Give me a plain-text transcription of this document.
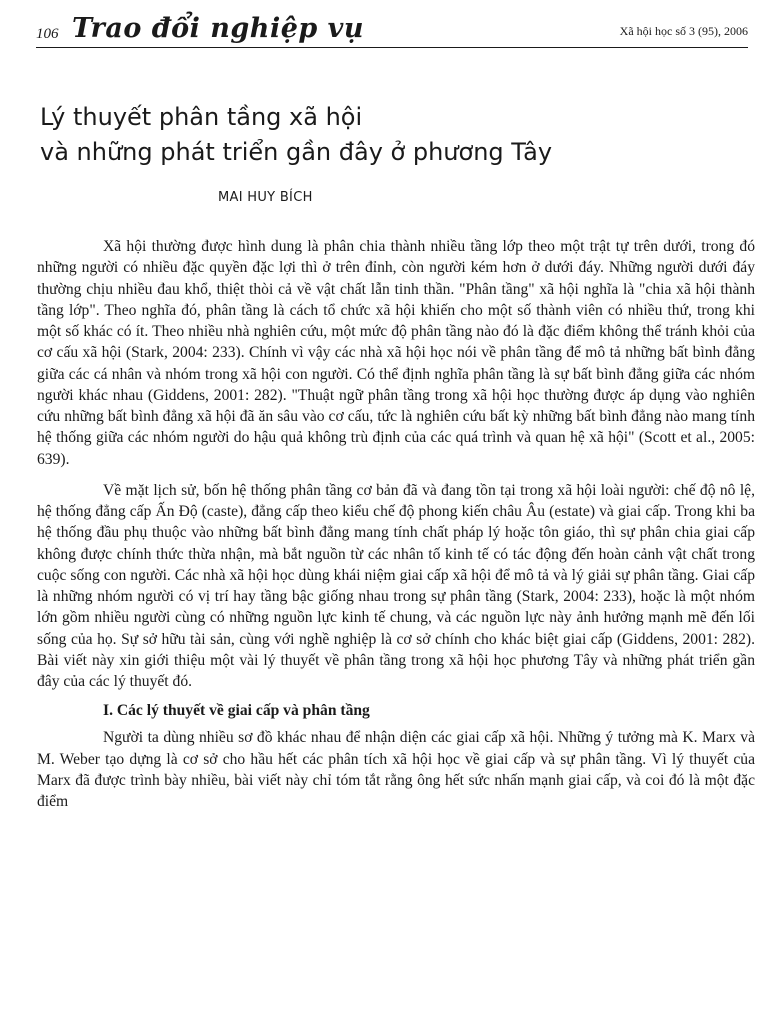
106 Trao đổi nghiệp vụ	Xã hội học số 3 (95), 2006
Lý thuyết phân tầng xã hội
và những phát triển gần đây ở phương Tây
MAI HUY BÍCH

Xã hội thường được hình dung là phân chia thành nhiều tầng lớp theo một trật tự trên dưới, trong đó những người có nhiều đặc quyền đặc lợi thì ở trên đỉnh, còn người kém hơn ở dưới đáy. Những người dưới đáy thường chịu nhiều đau khổ, thiệt thòi cả về vật chất lẫn tinh thần. "Phân tầng" xã hội nghĩa là "chia xã hội thành tầng lớp". Theo nghĩa đó, phân tầng là cách tổ chức xã hội khiến cho một số thành viên có nhiều thứ, trong khi một số khác có ít. Theo nhiều nhà nghiên cứu, một mức độ phân tầng nào đó là đặc điểm không thể tránh khỏi của cơ cấu xã hội (Stark, 2004: 233). Chính vì vậy các nhà xã hội học nói về phân tầng để mô tả những bất bình đẳng giữa các cá nhân và nhóm trong xã hội con người. Có thể định nghĩa phân tầng là sự bất bình đẳng giữa các nhóm người khác nhau (Giddens, 2001: 282). "Thuật ngữ phân tầng trong xã hội học thường được áp dụng vào nghiên cứu những bất bình đẳng xã hội đã ăn sâu vào cơ cấu, tức là nghiên cứu bất kỳ những bất bình đẳng nào mang tính hệ thống giữa các nhóm người do hậu quả không trù định của các quá trình và quan hệ xã hội" (Scott et al., 2005: 639).

Về mặt lịch sử, bốn hệ thống phân tầng cơ bản đã và đang tồn tại trong xã hội loài người: chế độ nô lệ, hệ thống đẳng cấp Ấn Độ (caste), đẳng cấp theo kiểu chế độ phong kiến châu Âu (estate) và giai cấp. Trong khi ba hệ thống đầu phụ thuộc vào những bất bình đẳng mang tính chất pháp lý hoặc tôn giáo, thì sự phân chia giai cấp không được chính thức thừa nhận, mà bắt nguồn từ các nhân tố kinh tế có tác động đến hoàn cảnh vật chất trong cuộc sống con người. Các nhà xã hội học dùng khái niệm giai cấp xã hội để mô tả và lý giải sự phân tầng. Giai cấp là những nhóm người có vị trí hay tầng bậc giống nhau trong sự phân tầng (Stark, 2004: 233), hoặc là một nhóm lớn gồm nhiều người cùng có những nguồn lực kinh tế chung, và các nguồn lực này ảnh hưởng mạnh mẽ đến lối sống của họ. Sự sở hữu tài sản, cùng với nghề nghiệp là cơ sở chính cho khác biệt giai cấp (Giddens, 2001: 282). Bài viết này xin giới thiệu một vài lý thuyết về phân tầng trong xã hội học phương Tây và những phát triển gần đây của các lý thuyết đó.

I. Các lý thuyết về giai cấp và phân tầng

Người ta dùng nhiều sơ đồ khác nhau để nhận diện các giai cấp xã hội. Những ý tưởng mà K. Marx và M. Weber tạo dựng là cơ sở cho hầu hết các phân tích xã hội học về giai cấp và sự phân tầng. Vì lý thuyết của Marx đã được trình bày nhiều, bài viết này chỉ tóm tắt rằng ông hết sức nhấn mạnh giai cấp, và coi đó là một đặc điểm
